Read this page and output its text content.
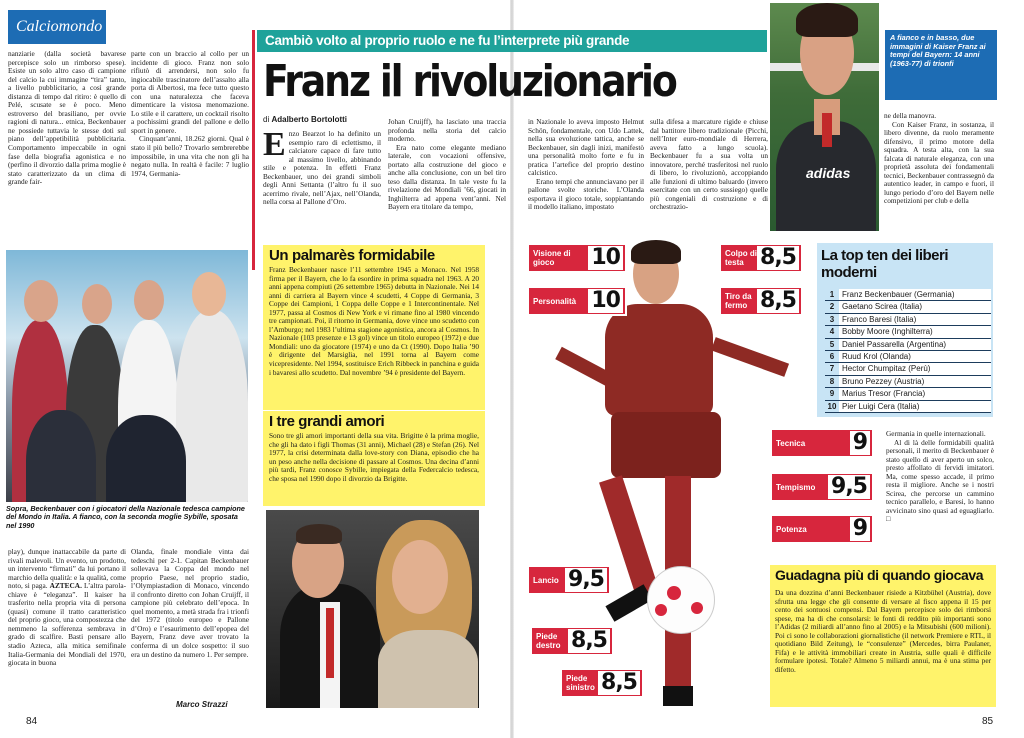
Calciomondo

nanziarie (dalla società bavarese percepisce solo un rimborso spese). Esiste un solo altro caso di campione del calcio la cui immagine “tira” tanto, a livello pubblicitario, a così grande distanza di tempo dal ritiro: è quello di Pelé, scusate se è poco. Meno estroverso del brasiliano, per ovvie ragioni di natura... etnica, Beckenbauer ne possiede tuttavia le stesse doti sul piano dell’appetibilità pubblicitaria. Comportamento impeccabile in ogni fase della biografia agonistica e no (perfino il divorzio dalla prima moglie è stato caratterizzato da un clima di grande fair-

parte con un braccio al collo per un incidente di gioco. Franz non solo rifiutò di arrendersi, non solo fu ingiocabile trascinatore dell’assalto alla porta di Albertosi, ma fece tutto questo con una naturalezza che faceva dimenticare la vistosa menomazione. Lo stile e il carattere, un cocktail risolto a pochissimi grandi del pallone e dello sport in genere.

Cinquant’anni, 18.262 giorni. Qual è stato il più bello? Trovarlo sembrerebbe impossibile, in una vita che non gli ha negato nulla. In realtà è facile: 7 luglio 1974, Germania-

Sopra, Beckenbauer con i giocatori della Nazionale tedesca campione del Mondo in Italia. A fianco, con la seconda moglie Sybille, sposata nel 1990

play), dunque inattaccabile da parte di rivali malevoli. Un evento, un prodotto, un intervento “firmati” da lui portano il marchio della qualità: e la qualità, come noto, si paga. AZTECA. L’altra parola-chiave è “eleganza”. Il kaiser ha trasferito nella propria vita di persona (quasi) comune il tratto caratteristico del proprio gioco, una compostezza che nemmeno la sofferenza sembrava in grado di scalfire. Basti pensare allo stadio Azteca, alla mitica semifinale Italia-Germania dei Mondiali del 1970, giocata in buona

Olanda, finale mondiale vinta dai tedeschi per 2-1. Capitan Beckenbauer sollevava la Coppa del mondo nel proprio Paese, nel proprio stadio, l’Olympiastadion di Monaco, vincendo il confronto diretto con Johan Cruijff, il campione più celebrato dell’epoca. In quel momento, a metà strada fra i trionfi del 1972 (titolo europeo e Pallone d’Oro) e l’esaurimento dell’epopea del Bayern, Franz deve aver trovato la conferma di un dolce sospetto: il suo era un destino da numero 1. Per sempre.

Marco Strazzi
84
Cambiò volto al proprio ruolo e ne fu l’interprete più grande
Franz il rivoluzionario
di Adalberto Bortolotti
E nzo Bearzot lo ha definito un esempio raro di eclettismo, il calciatore capace di fare tutto al massimo livello, abbinando stile e potenza. In effetti Franz Beckenbauer, uno dei grandi simboli degli Anni Settanta (l’altro fu il suo acerrimo rivale, nell’Ajax, nell’Olanda, nella corsa al Pallone d’Oro.

Johan Cruijff), ha lasciato una traccia profonda nella storia del calcio moderno.

Era nato come elegante mediano laterale, con vocazioni offensive, portato alla costruzione del gioco e anche alla conclusione, con un bel tiro teso dalla distanza. In tale veste fu la rivelazione dei Mondiali ’66, giocati in Inghilterra ad appena vent’anni. Nel Bayern era titolare da tempo,

in Nazionale lo aveva imposto Helmut Schön, fondamentale, con Udo Lattek, nella sua evoluzione tattica, anche se Beckenbauer, sin dagli inizi, manifestò una personalità molto forte e fu in pratica l’artefice del proprio destino calcistico.

Erano tempi che annunciavano per il pallone svolte storiche. L’Olanda esportava il gioco totale, soppiantando il modello italiano, impostato

sulla difesa a marcature rigide e chiuse dal battitore libero tradizionale (Picchi, nell’Inter euro-mondiale di Herrera, aveva fatto a lungo scuola). Beckenbauer fu a sua volta un innovatore, perché trasferitosi nel ruolo di libero, lo rivoluzionò, accoppiando alle funzioni di ultimo baluardo (invero esercitate con un certo sussiego) quelle più congeniali di costruzione e di orchestrazio-

adidas
A fianco e in basso, due immagini di Kaiser Franz ai tempi del Bayern: 14 anni (1963-77) di trionfi

ne della manovra.

Con Kaiser Franz, in sostanza, il libero divenne, da ruolo meramente difensivo, il primo motore della squadra. A testa alta, con la sua falcata di naturale eleganza, con una proprietà assoluta dei fondamentali tecnici, Beckenbauer contrassegnò da autentico leader, in campo e fuori, il lungo periodo d’oro del Bayern nelle competizioni per club e della

Un palmarès formidabile
Franz Beckenbauer nasce l’11 settembre 1945 a Monaco. Nel 1958 firma per il Bayern, che lo fa esordire in prima squadra nel 1963. A 20 anni appena compiuti (26 settembre 1965) debutta in Nazionale. Nei 14 anni di carriera al Bayern vince 4 scudetti, 4 Coppe di Germania, 3 Coppe dei Campioni, 1 Coppa delle Coppe e 1 Intercontinentale. Nel 1977, passa al Cosmos di New York e vi rimane fino al 1980 vincendo tre campionati. Poi, il ritorno in Germania, dove vince uno scudetto con l’Amburgo; nel 1983 l’ultima stagione agonistica, ancora al Cosmos. In Nazionale (103 presenze e 13 gol) vince un titolo europeo (1972) e due Mondiali: uno da giocatore (1974) e uno da Ct (1990). Dopo Italia ’90 è dirigente del Marsiglia, nel 1991 torna al Bayern come vicepresidente. Nel 1994, sostituisce Erich Ribbeck in panchina e guida i bavaresi allo scudetto. Dal novembre ’94 è presidente del Bayern.
I tre grandi amori
Sono tre gli amori importanti della sua vita. Brigitte è la prima moglie, che gli ha dato i figli Thomas (31 anni), Michael (28) e Stefan (26). Nel 1977, la crisi determinata dalla love-story con Diana, episodio che ha un peso anche nella decisione di passare al Cosmos. Una decina d’anni più tardi, Franz conosce Sybille, impiegata della Federcalcio tedesca, che sposa nel 1990 dopo il divorzio da Brigitte.
Visione di gioco	10
Personalità 10
Colpo di testa 8,5
Tiro da fermo 8,5
Lancio 9,5
Piede destro 8,5
Piede sinistro 8,5
Tecnica	9
Tempismo 9,5
Potenza	9
La top ten dei liberi moderni
1 Franz Beckenbauer (Germania)
2 Gaetano Scirea (Italia)
3 Franco Baresi (Italia)
4 Bobby Moore (Inghilterra)
5 Daniel Passarella (Argentina)
6 Ruud Krol (Olanda)
7 Hector Chumpitaz (Perù)
8 Bruno Pezzey (Austria)
9 Marius Tresor (Francia)
10 Pier Luigi Cera (Italia)

Germania in quelle internazionali.

Al di là delle formidabili qualità personali, il merito di Beckenbauer è stato quello di aver aperto un solco, presto affollato di fervidi imitatori. Ma, come spesso accade, il primo resta il migliore. Anche se i nostri Scirea, che percorse un cammino tecnico parallelo, e Baresi, lo hanno avvicinato sino quasi ad eguagliarlo. □

Guadagna più di quando giocava
Da una dozzina d’anni Beckenbauer risiede a Kitzbühel (Austria), dove sfrutta una legge che gli consente di versare al fisco appena il 15 per cento dei sontuosi compensi. Dal Bayern percepisce solo dei rimborsi spese, ma ha di che consolarsi: le fonti di reddito più importanti sono l’Adidas (2 miliardi all’anno fino al 2005) e la Mitsubishi (600 milioni). Poi ci sono le collaborazioni giornalistiche (il network Premiere e RTL, il quotidiano Bild Zeitung), le “consulenze” (Mercedes, birra Paulaner, Fifa) e le attività immobiliari create in Austria, sulle quali è difficile formulare ipotesi. Totale? Almeno 5 miliardi annui, ma è una stima per difetto.
85
